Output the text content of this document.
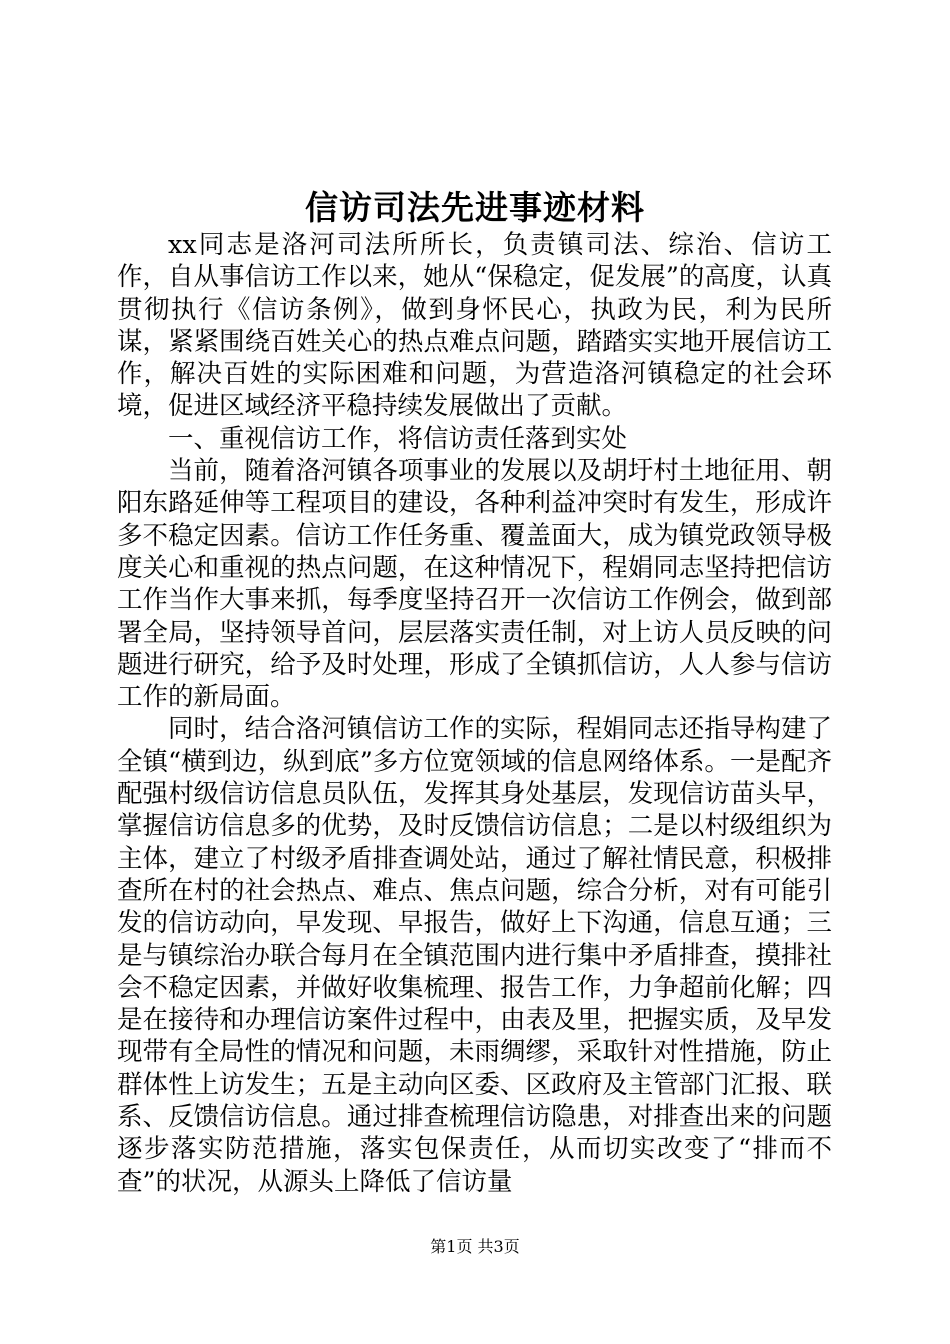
信访司法先进事迹材料

xx同志是洛河司法所所长，负责镇司法、综治、信访工作，自从事信访工作以来，她从“保稳定，促发展”的高度，认真贯彻执行《信访条例》，做到身怀民心，执政为民，利为民所谋，紧紧围绕百姓关心的热点难点问题，踏踏实实地开展信访工作，解决百姓的实际困难和问题，为营造洛河镇稳定的社会环境，促进区域经济平稳持续发展做出了贡献。

一、重视信访工作，将信访责任落到实处

当前，随着洛河镇各项事业的发展以及胡圩村土地征用、朝阳东路延伸等工程项目的建设，各种利益冲突时有发生，形成许多不稳定因素。信访工作任务重、覆盖面大，成为镇党政领导极度关心和重视的热点问题，在这种情况下，程娟同志坚持把信访工作当作大事来抓，每季度坚持召开一次信访工作例会，做到部署全局，坚持领导首问，层层落实责任制，对上访人员反映的问题进行研究，给予及时处理，形成了全镇抓信访，人人参与信访工作的新局面。

同时，结合洛河镇信访工作的实际，程娟同志还指导构建了全镇“横到边，纵到底”多方位宽领域的信息网络体系。一是配齐配强村级信访信息员队伍，发挥其身处基层，发现信访苗头早，掌握信访信息多的优势，及时反馈信访信息；二是以村级组织为主体，建立了村级矛盾排查调处站，通过了解社情民意，积极排查所在村的社会热点、难点、焦点问题，综合分析，对有可能引发的信访动向，早发现、早报告，做好上下沟通，信息互通；三是与镇综治办联合每月在全镇范围内进行集中矛盾排查，摸排社会不稳定因素，并做好收集梳理、报告工作，力争超前化解；四是在接待和办理信访案件过程中，由表及里，把握实质，及早发现带有全局性的情况和问题，未雨绸缪，采取针对性措施，防止群体性上访发生；五是主动向区委、区政府及主管部门汇报、联系、反馈信访信息。通过排查梳理信访隐患，对排查出来的问题逐步落实防范措施，落实包保责任，从而切实改变了“排而不查”的状况，从源头上降低了信访量

第1页 共3页
